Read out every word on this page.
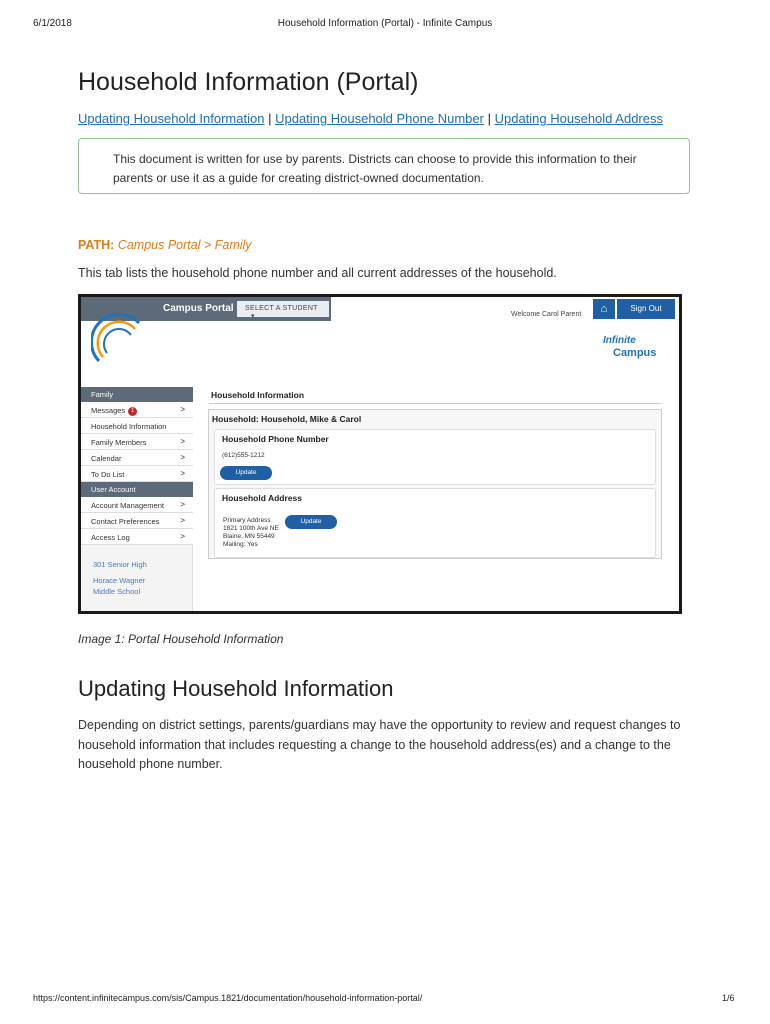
6/1/2018	Household Information (Portal) - Infinite Campus
Household Information (Portal)
Updating Household Information | Updating Household Phone Number | Updating Household Address
This document is written for use by parents. Districts can choose to provide this information to their parents or use it as a guide for creating district-owned documentation.
PATH: Campus Portal > Family
This tab lists the household phone number and all current addresses of the household.
Campus Portal	SELECT A STUDENT ▾	Welcome Carol Parent	⌂	Sign Out
Infinite
Campus
Family
Messages 1	>
Household Information
Family Members	>
Calendar	>
To Do List	>
User Account
Account Management >
Contact Preferences	>
Access Log	>
301 Senior High
Horace Wagner Middle School
Household Information
Household: Household, Mike & Carol
Household Phone Number
(612)555-1212
Update
Household Address
Primary Address
1821 100th Ave NE
Blaine, MN 55449
Mailing: Yes
Update
Image 1: Portal Household Information
Updating Household Information
Depending on district settings, parents/guardians may have the opportunity to review and request changes to household information that includes requesting a change to the household address(es) and a change to the household phone number.
https://content.infinitecampus.com/sis/Campus.1821/documentation/household-information-portal/	1/6
